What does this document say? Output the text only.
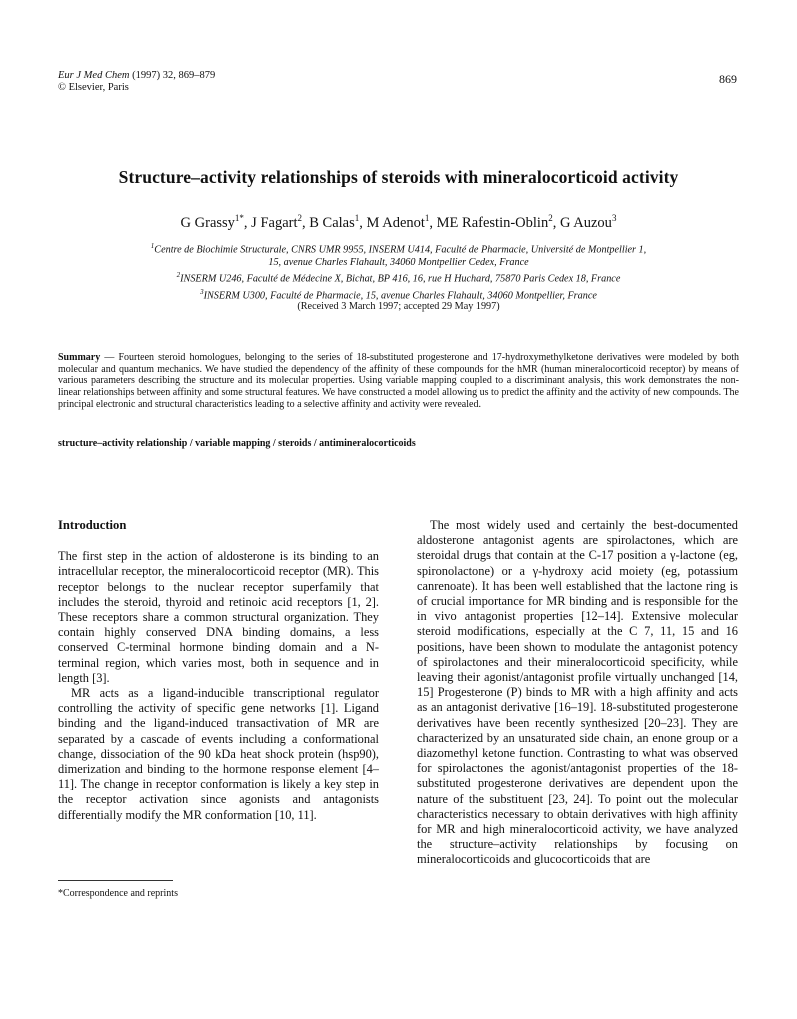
Eur J Med Chem (1997) 32, 869–879
© Elsevier, Paris
869
Structure–activity relationships of steroids with mineralocorticoid activity
G Grassy$^{1*}$, J Fagart$^2$, B Calas$^1$, M Adenot$^1$, ME Rafestin-Oblin$^2$, G Auzou$^3$
$^1$Centre de Biochimie Structurale, CNRS UMR 9955, INSERM U414, Faculté de Pharmacie, Université de Montpellier 1,
15, avenue Charles Flahault, 34060 Montpellier Cedex, France
$^2$INSERM U246, Faculté de Médecine X, Bichat, BP 416, 16, rue H Huchard, 75870 Paris Cedex 18, France
$^3$INSERM U300, Faculté de Pharmacie, 15, avenue Charles Flahault, 34060 Montpellier, France
(Received 3 March 1997; accepted 29 May 1997)
Summary — Fourteen steroid homologues, belonging to the series of 18-substituted progesterone and 17-hydroxymethylketone derivatives were modeled by both molecular and quantum mechanics. We have studied the dependency of the affinity of these compounds for the hMR (human mineralocorticoid receptor) by means of various parameters describing the structure and its molecular properties. Using variable mapping coupled to a discriminant analysis, this work demonstrates the non-linear relationships between affinity and some structural features. We have constructed a model allowing us to predict the affinity and the activity of new compounds. The principal electronic and structural characteristics leading to a selective affinity and activity were revealed.
structure–activity relationship / variable mapping / steroids / antimineralocorticoids

Introduction

The first step in the action of aldosterone is its binding to an intracellular receptor, the mineralocorticoid receptor (MR). This receptor belongs to the nuclear receptor superfamily that includes the steroid, thyroid and retinoic acid receptors [1, 2]. These receptors share a common structural organization. They contain highly conserved DNA binding domains, a less conserved C-terminal hormone binding domain and a N-terminal region, which varies most, both in sequence and in length [3].

MR acts as a ligand-inducible transcriptional regulator controlling the activity of specific gene networks [1]. Ligand binding and the ligand-induced transactivation of MR are separated by a cascade of events including a conformational change, dissociation of the 90 kDa heat shock protein (hsp90), dimerization and binding to the hormone response element [4–11]. The change in receptor conformation is likely a key step in the receptor activation since agonists and antagonists differentially modify the MR conformation [10, 11].

The most widely used and certainly the best-documented aldosterone antagonist agents are spirolactones, which are steroidal drugs that contain at the C-17 position a γ-lactone (eg, spironolactone) or a γ-hydroxy acid moiety (eg, potassium canrenoate). It has been well established that the lactone ring is of crucial importance for MR binding and is responsible for the in vivo antagonist properties [12–14]. Extensive molecular steroid modifications, especially at the C 7, 11, 15 and 16 positions, have been shown to modulate the antagonist potency of spirolactones and their mineralocorticoid specificity, while leaving their agonist/antagonist profile virtually unchanged [14, 15] Progesterone (P) binds to MR with a high affinity and acts as an antagonist derivative [16–19]. 18-substituted progesterone derivatives have been recently synthesized [20–23]. They are characterized by an unsaturated side chain, an enone group or a diazomethyl ketone function. Contrasting to what was observed for spirolactones the agonist/antagonist properties of the 18-substituted progesterone derivatives are dependent upon the nature of the substituent [23, 24]. To point out the molecular characteristics necessary to obtain derivatives with high affinity for MR and high mineralocorticoid activity, we have analyzed the structure–activity relationships by focusing on mineralocorticoids and glucocorticoids that are

*Correspondence and reprints
